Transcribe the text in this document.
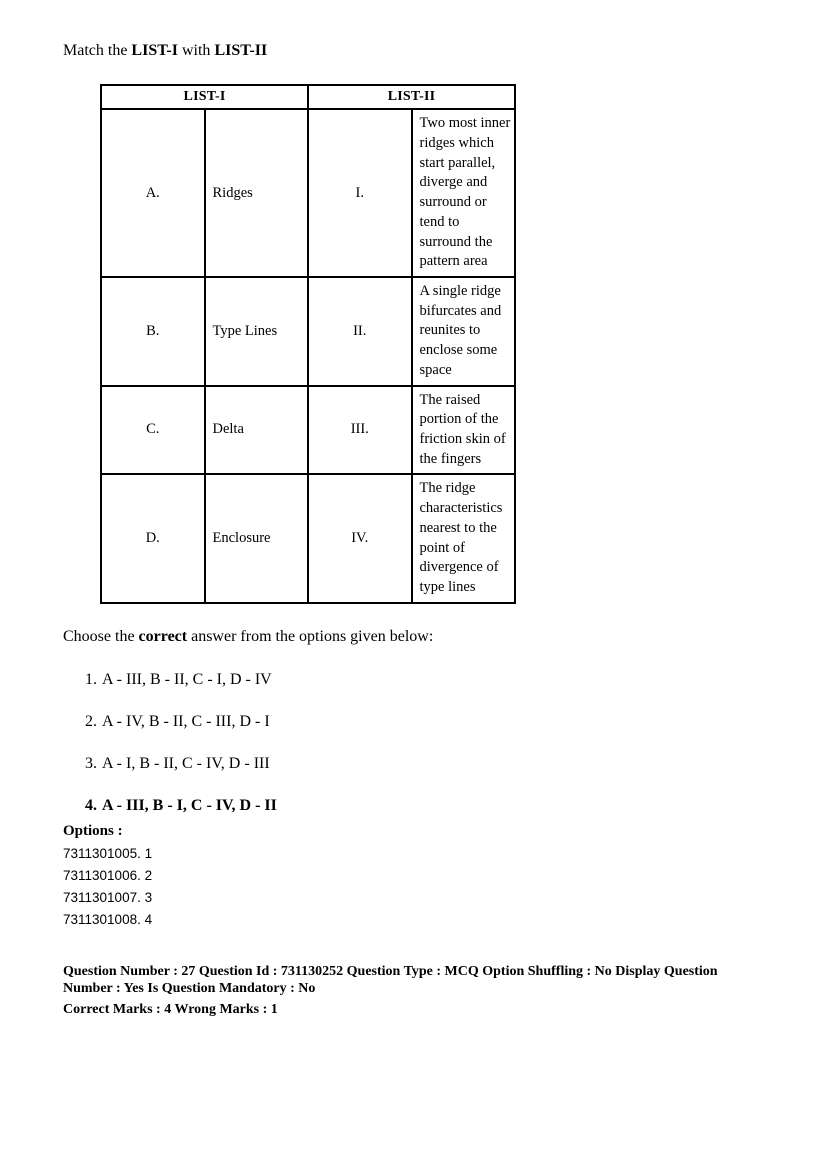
Match the LIST-I with LIST-II

LIST-I		LIST-II	
A.	Ridges	I.	Two most inner ridges which start parallel, diverge and surround or tend to surround the pattern area
B.	Type Lines	II.	A single ridge bifurcates and reunites to enclose some space
C.	Delta	III.	The raised portion of the friction skin of the fingers
D.	Enclosure	IV.	The ridge characteristics nearest to the point of divergence of type lines

Choose the correct answer from the options given below:

1. A - III, B - II, C - I, D - IV
2. A - IV, B - II, C - III, D - I
3. A - I, B - II, C - IV, D - III
4. A - III, B - I, C - IV, D - II

Options :

7311301005. 1
7311301006. 2
7311301007. 3
7311301008. 4

Question Number : 27 Question Id : 731130252 Question Type : MCQ Option Shuffling : No Display Question Number : Yes Is Question Mandatory : No

Correct Marks : 4 Wrong Marks : 1
